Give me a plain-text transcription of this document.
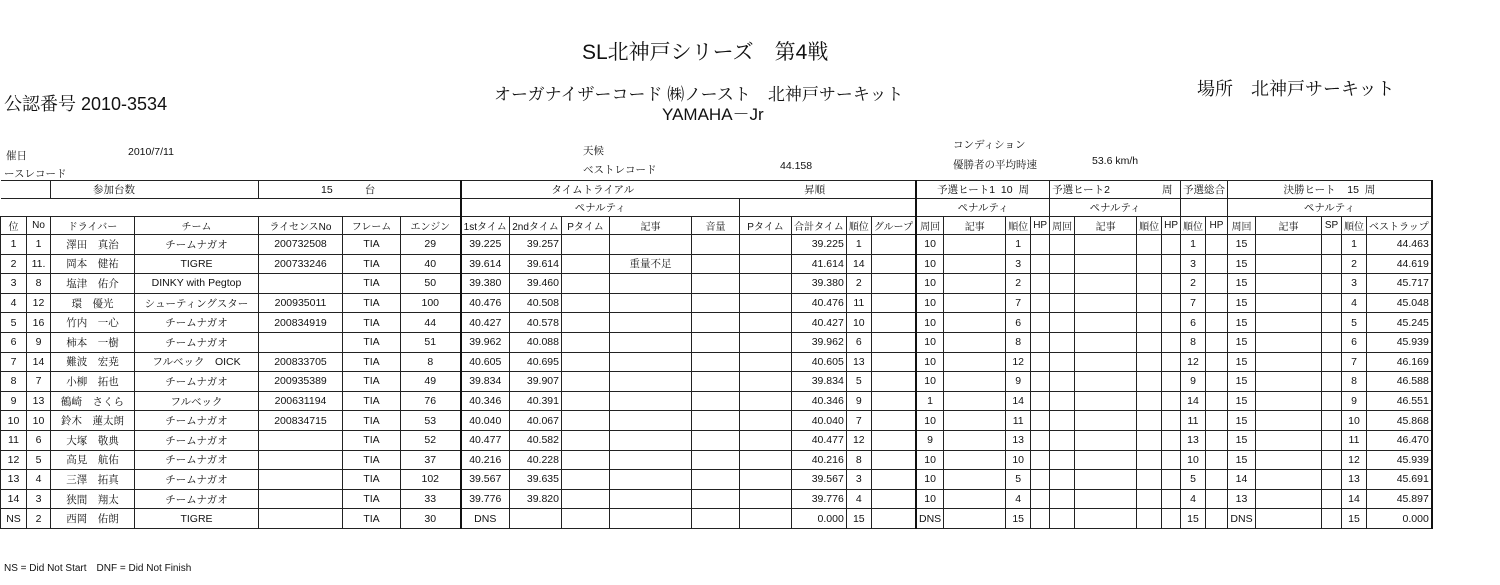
SL北神戸シリーズ　第4戦
オーガナイザーコード ㈱ノースト　北神戸サーキット
YAMAHA－Jr
公認番号 2010-3534
場所　北神戸サーキット
催日	2010/7/11
ースレコード
天候
ベストレコード	44.158
コンディション
優勝者の平均時速	53.6 km/h
		参加台数		15 台			タイムトライアル 昇順									予選ヒート1 10 周				予選ヒート2 周				予選総合		決勝ヒート 15 周				
							ペナルティ									ペナルティ				ペナルティ						ペナルティ				
位	No	ドライバー	チーム	ライセンスNo	フレーム	エンジン	1stタイム	2ndタイム	Pタイム	記事	音量	Pタイム	合計タイム	順位	グループ	周回	記事	順位	HP	周回	記事	順位	HP	順位	HP	周回	記事	SP	順位	ベストラップ
1	1	澤田　真治	チームナガオ	200732508	TIA	29	39.225	39.257					39.225	1		10		1						1		15			1	44.463
2	11.	岡本　健祐	TIGRE	200733246	TIA	40	39.614	39.614		重量不足			41.614	14		10		3						3		15			2	44.619
3	8	塩津　佑介	DINKY with Pegtop		TIA	50	39.380	39.460					39.380	2		10		2						2		15			3	45.717
4	12	環　優光	シューティングスター	200935011	TIA	100	40.476	40.508					40.476	11		10		7						7		15			4	45.048
5	16	竹内　一心	チームナガオ	200834919	TIA	44	40.427	40.578					40.427	10		10		6						6		15			5	45.245
6	9	柿本　一樹	チームナガオ		TIA	51	39.962	40.088					39.962	6		10		8						8		15			6	45.939
7	14	難波　宏尭	フルベック　OICK	200833705	TIA	8	40.605	40.695					40.605	13		10		12						12		15			7	46.169
8	7	小柳　拓也	チームナガオ	200935389	TIA	49	39.834	39.907					39.834	5		10		9						9		15			8	46.588
9	13	鶴崎　さくら	フルベック	200631194	TIA	76	40.346	40.391					40.346	9		1		14						14		15			9	46.551
10	10	鈴木　蓮太朗	チームナガオ	200834715	TIA	53	40.040	40.067					40.040	7		10		11						11		15			10	45.868
11	6	大塚　敬典	チームナガオ		TIA	52	40.477	40.582					40.477	12		9		13						13		15			11	46.470
12	5	高見　航佑	チームナガオ		TIA	37	40.216	40.228					40.216	8		10		10						10		15			12	45.939
13	4	三澤　拓真	チームナガオ		TIA	102	39.567	39.635					39.567	3		10		5						5		14			13	45.691
14	3	狭間　翔太	チームナガオ		TIA	33	39.776	39.820					39.776	4		10		4						4		13			14	45.897
NS	2	西岡　佑朗	TIGRE		TIA	30	DNS						0.000	15		DNS		15						15		DNS			15	0.000
NS = Did Not Start　DNF = Did Not Finish
